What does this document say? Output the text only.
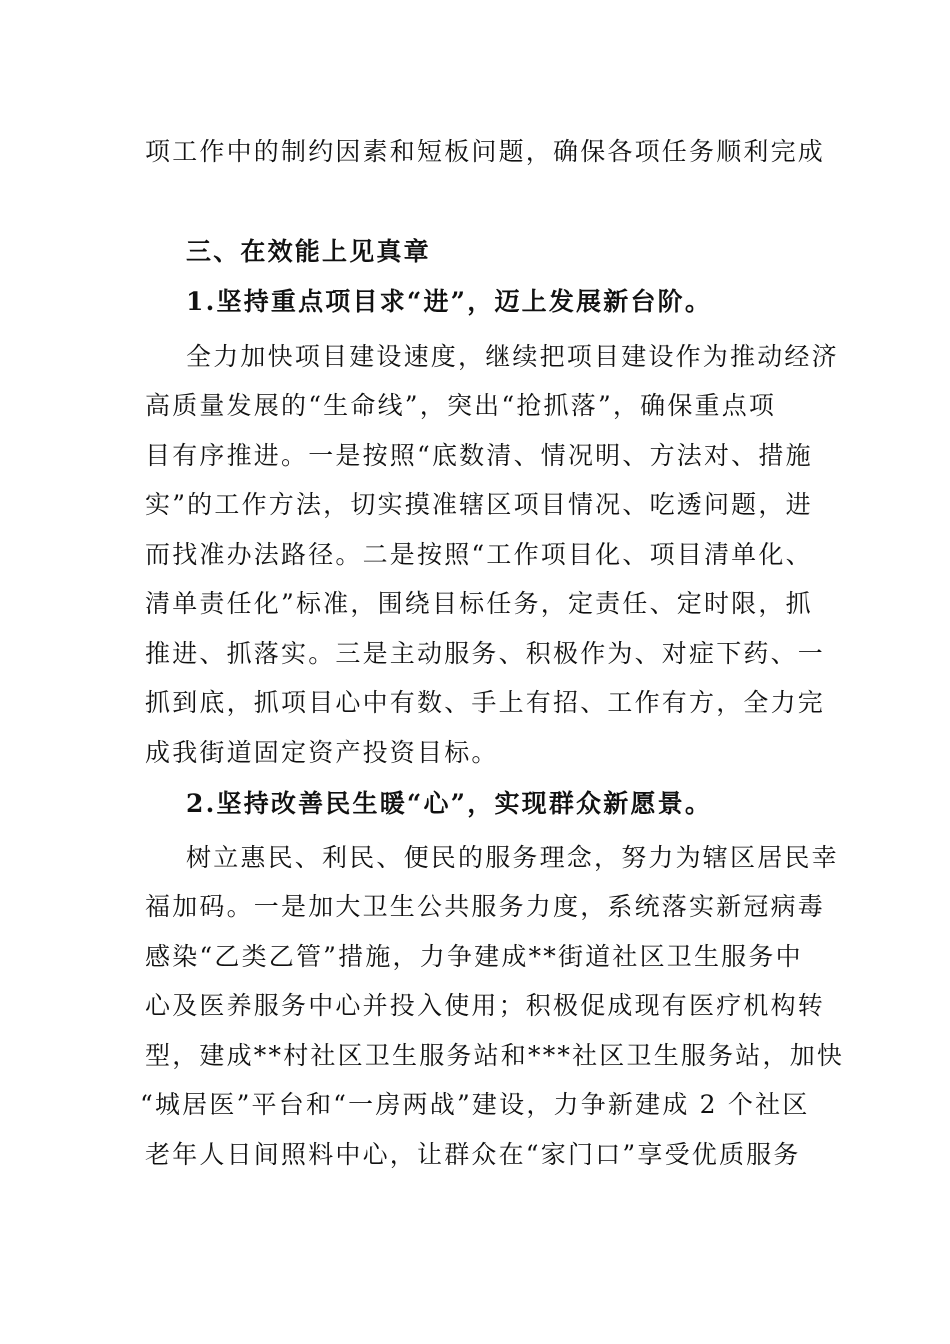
项工作中的制约因素和短板问题，确保各项任务顺利完成
三、在效能上见真章
1.坚持重点项目求“进”，迈上发展新台阶。
全力加快项目建设速度，继续把项目建设作为推动经济
高质量发展的“生命线”，突出“抢抓落”，确保重点项
目有序推进。一是按照“底数清、情况明、方法对、措施
实”的工作方法，切实摸准辖区项目情况、吃透问题，进
而找准办法路径。二是按照“工作项目化、项目清单化、
清单责任化”标准，围绕目标任务，定责任、定时限，抓
推进、抓落实。三是主动服务、积极作为、对症下药、一
抓到底，抓项目心中有数、手上有招、工作有方，全力完
成我街道固定资产投资目标。
2.坚持改善民生暖“心”，实现群众新愿景。
树立惠民、利民、便民的服务理念，努力为辖区居民幸
福加码。一是加大卫生公共服务力度，系统落实新冠病毒
感染“乙类乙管”措施，力争建成**街道社区卫生服务中
心及医养服务中心并投入使用；积极促成现有医疗机构转
型，建成**村社区卫生服务站和***社区卫生服务站，加快
“城居医”平台和“一房两战”建设，力争新建成 2 个社区
老年人日间照料中心，让群众在“家门口”享受优质服务
